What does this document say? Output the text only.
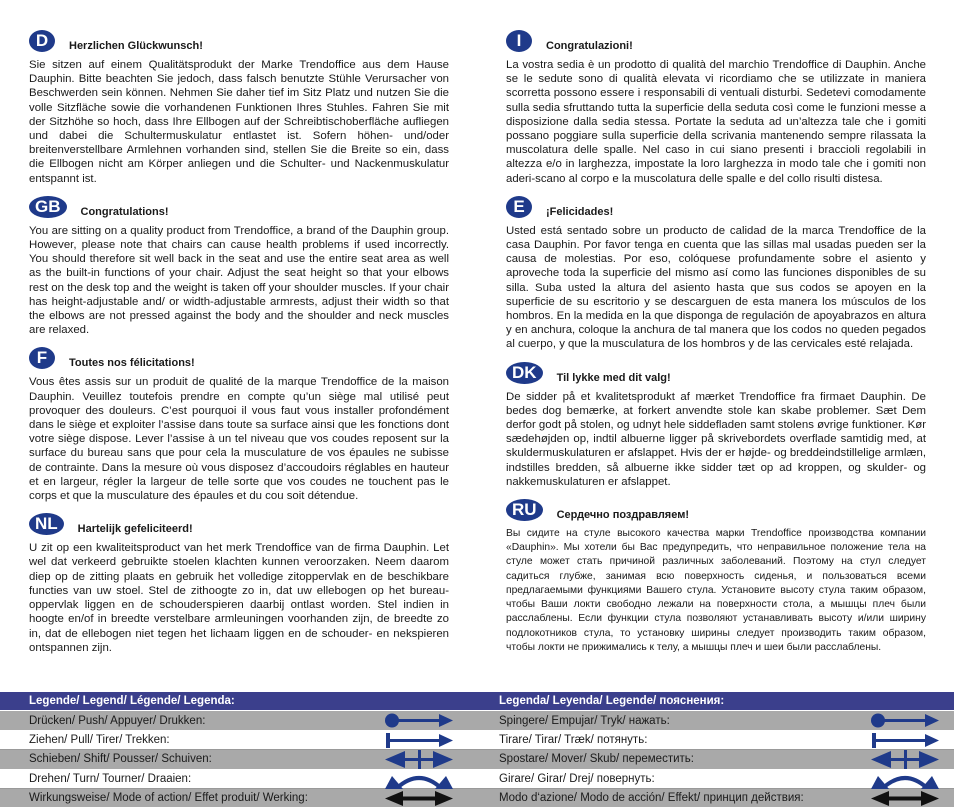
D	Herzlichen Glückwunsch!

Sie sitzen auf einem Qualitätsprodukt der Marke Trendoffice aus dem Hause Dauphin. Bitte beachten Sie jedoch, dass falsch benutzte Stühle Verursacher von Beschwerden sein können. Nehmen Sie daher tief im Sitz Platz und nutzen Sie die volle Sitzfläche sowie die vorhandenen Funktionen Ihres Stuhles. Fahren Sie mit der Sitzhöhe so hoch, dass Ihre Ellbogen auf der Schreibtischoberfläche aufliegen und dabei die Schultermuskulatur entlastet ist. Sofern höhen- und/oder breitenverstellbare Armlehnen vorhanden sind, stellen Sie die Breite so ein, dass die Ellbogen nicht am Körper anliegen und die Schulter- und Nackenmuskulatur entspannt ist.

GB	Congratulations!

You are sitting on a quality product from Trendoffice, a brand of the Dauphin group. However, please note that chairs can cause health problems if used incorrectly. You should therefore sit well back in the seat and use the entire seat area as well as the built-in functions of your chair. Adjust the seat height so that your elbows rest on the desk top and the weight is taken off your shoulder muscles. If your chair has height-adjustable and/ or width-adjustable armrests, adjust their width so that the elbows are not pressed against the body and the shoulder and neck muscles are relaxed.

F	Toutes nos félicitations!

Vous êtes assis sur un produit de qualité de la marque Trendoffice de la maison Dauphin. Veuillez toutefois prendre en compte qu’un siège mal utilisé peut provoquer des douleurs. C’est pourquoi il vous faut vous installer profondément dans le siège et exploiter l’assise dans toute sa surface ainsi que les fonctions dont votre siège dispose. Lever l’assise à un tel niveau que vos coudes reposent sur la surface du bureau sans que pour cela la musculature de vos épaules ne subisse de contrainte. Dans la mesure où vous disposez d’accoudoirs réglables en hauteur et en largeur, régler la largeur de telle sorte que vos coudes ne touchent pas le corps et que la musculature des épaules et du cou soit détendue.

NL	Hartelijk gefeliciteerd!

U zit op een kwaliteitsproduct van het merk Trendoffice van de firma Dauphin. Let wel dat verkeerd gebruikte stoelen klachten kunnen veroorzaken. Neem daarom diep op de zitting plaats en gebruik het volledige zitoppervlak en de beschikbare functies van uw stoel. Stel de zithoogte zo in, dat uw ellebogen op het bureau-oppervlak liggen en de schouderspieren daarbij ontlast worden. Stel indien in hoogte en/of in breedte verstelbare armleuningen voorhanden zijn, de breedte zo in, dat de ellebogen niet tegen het lichaam liggen en de schouder- en nekspieren ontspannen zijn.

I	Congratulazioni!

La vostra sedia è un prodotto di qualità del marchio Trendoffice di Dauphin. Anche se le sedute sono di qualità elevata vi ricordiamo che se utilizzate in maniera scorretta possono essere i responsabili di ventuali disturbi. Sedetevi comodamente sulla sedia sfruttando tutta la superficie della seduta così come le funzioni messe a disposizione dalla sedia stessa. Portate la seduta ad un’altezza tale che i gomiti possano poggiare sulla superficie della scrivania mantenendo sempre rilassata la muscolatura delle spalle. Nel caso in cui siano presenti i braccioli regolabili in altezza e/o in larghezza, impostate la loro larghezza in modo tale che i gomiti non aderi-scano al corpo e la muscolatura delle spalle e del collo risulti distesa.

E	¡Felicidades!

Usted está sentado sobre un producto de calidad de la marca Trendoffice de la casa Dauphin. Por favor tenga en cuenta que las sillas mal usadas pueden ser la causa de molestias. Por eso, colóquese profundamente sobre el asiento y aproveche toda la superficie del mismo así como las funciones disponibles de su silla. Suba usted la altura del asiento hasta que sus codos se apoyen en la superficie de su escritorio y se descarguen de esta manera los músculos de los hombros. En la medida en la que disponga de regulación de apoyabrazos en altura y en anchura, coloque la anchura de tal manera que los codos no queden pegados al cuerpo, y que la musculatura de los hombros y de las cervicales esté relajada.

DK	Til lykke med dit valg!

De sidder på et kvalitetsprodukt af mærket Trendoffice fra firmaet Dauphin. De bedes dog bemærke, at forkert anvendte stole kan skabe problemer. Sæt Dem derfor godt på stolen, og udnyt hele siddefladen samt stolens øvrige funktioner. Kør sædehøjden op, indtil albuerne ligger på skrivebordets overflade samtidig med, at skuldermuskulaturen er afslappet. Hvis der er højde- og breddeindstillelige armlæn, indstilles bredden, så albuerne ikke sidder tæt op ad kroppen, og skulder- og nakkemuskulaturen er afslappet.

RU	Сердечно поздравляем!

Вы сидите на стуле высокого качества марки Trendoffice производства компании «Dauphin». Мы хотели бы Вас предупредить, что неправильное положение тела на стуле может стать причиной различных заболеваний. Поэтому на стул следует садиться глубже, занимая всю поверхность сиденья, и пользоваться всеми предлагаемыми функциями Вашего стула. Установите высоту стула таким образом, чтобы Ваши локти свободно лежали на поверхности стола, а мышцы плеч были расслаблены. Если функции стула позволяют устанавливать высоту и/или ширину подлокотников стула, то установку ширины следует производить таким образом, чтобы локти не прижимались к телу, а мышцы плеч и шеи были расслаблены.

Legende/ Legend/ Légende/ Legenda:
Drücken/ Push/ Appuyer/ Drukken:
Ziehen/ Pull/ Tirer/ Trekken:
Schieben/ Shift/ Pousser/ Schuiven:
Drehen/ Turn/ Tourner/ Draaien:
Wirkungsweise/ Mode of action/ Effet produit/ Werking:
Legenda/ Leyenda/ Legende/ пояснения:
Spingere/ Empujar/ Tryk/ нажать:
Tirare/ Tirar/ Træk/ потянуть:
Spostare/ Mover/ Skub/ переместить:
Girare/ Girar/ Drej/ повернуть:
Modo d‘azione/ Modo de acción/ Effekt/ принцип действия:
